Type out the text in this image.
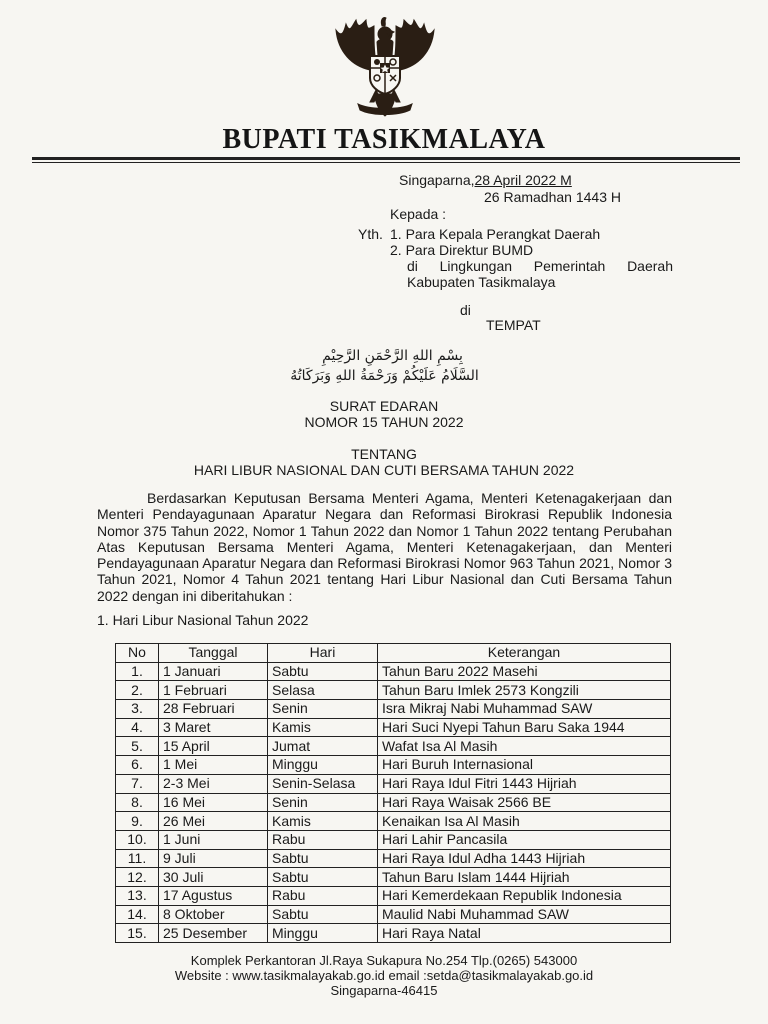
BUPATI TASIKMALAYA
Singaparna,28 April 2022 M
26 Ramadhan 1443 H
Kepada :
Yth. 1. Para Kepala Perangkat Daerah
2. Para Direktur BUMD
di Lingkungan Pemerintah Daerah
Kabupaten Tasikmalaya
di
TEMPAT
بِسْمِ اللهِ الرَّحْمَنِ الرَّحِيْمِ
السَّلَامُ عَلَيْكُمْ وَرَحْمَةُ اللهِ وَبَرَكَاتُهُ
SURAT EDARAN
NOMOR 15 TAHUN 2022
TENTANG
HARI LIBUR NASIONAL DAN CUTI BERSAMA TAHUN 2022

Berdasarkan Keputusan Bersama Menteri Agama, Menteri Ketenagakerjaan dan Menteri Pendayagunaan Aparatur Negara dan Reformasi Birokrasi Republik Indonesia Nomor 375 Tahun 2022, Nomor 1 Tahun 2022 dan Nomor 1 Tahun 2022 tentang Perubahan Atas Keputusan Bersama Menteri Agama, Menteri Ketenagakerjaan, dan Menteri Pendayagunaan Aparatur Negara dan Reformasi Birokrasi Nomor 963 Tahun 2021, Nomor 3 Tahun 2021, Nomor 4 Tahun 2021 tentang Hari Libur Nasional dan Cuti Bersama Tahun 2022 dengan ini diberitahukan :

1. Hari Libur Nasional Tahun 2022
No	Tanggal	Hari	Keterangan
1.	1 Januari	Sabtu	Tahun Baru 2022 Masehi
2.	1 Februari	Selasa	Tahun Baru Imlek 2573 Kongzili
3.	28 Februari	Senin	Isra Mikraj Nabi Muhammad SAW
4.	3 Maret	Kamis	Hari Suci Nyepi Tahun Baru Saka 1944
5.	15 April	Jumat	Wafat Isa Al Masih
6.	1 Mei	Minggu	Hari Buruh Internasional
7.	2-3 Mei	Senin-Selasa	Hari Raya Idul Fitri 1443 Hijriah
8.	16 Mei	Senin	Hari Raya Waisak 2566 BE
9.	26 Mei	Kamis	Kenaikan Isa Al Masih
10.	1 Juni	Rabu	Hari Lahir Pancasila
11.	9 Juli	Sabtu	Hari Raya Idul Adha 1443 Hijriah
12.	30 Juli	Sabtu	Tahun Baru Islam 1444 Hijriah
13.	17 Agustus	Rabu	Hari Kemerdekaan Republik Indonesia
14.	8 Oktober	Sabtu	Maulid Nabi Muhammad SAW
15.	25 Desember	Minggu	Hari Raya Natal
Komplek Perkantoran Jl.Raya Sukapura No.254 Tlp.(0265) 543000
Website : www.tasikmalayakab.go.id email :setda@tasikmalayakab.go.id
Singaparna-46415
